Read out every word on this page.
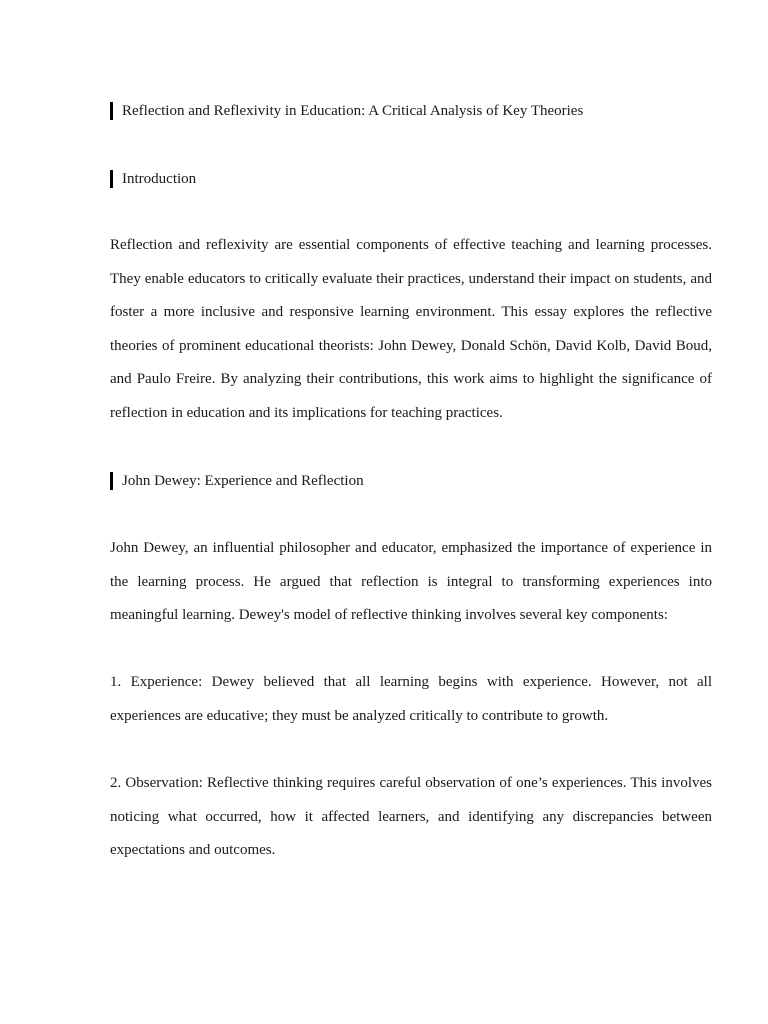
Reflection and Reflexivity in Education: A Critical Analysis of Key Theories
Introduction

Reflection and reflexivity are essential components of effective teaching and learning processes. They enable educators to critically evaluate their practices, understand their impact on students, and foster a more inclusive and responsive learning environment. This essay explores the reflective theories of prominent educational theorists: John Dewey, Donald Schön, David Kolb, David Boud, and Paulo Freire. By analyzing their contributions, this work aims to highlight the significance of reflection in education and its implications for teaching practices.

John Dewey: Experience and Reflection

John Dewey, an influential philosopher and educator, emphasized the importance of experience in the learning process. He argued that reflection is integral to transforming experiences into meaningful learning. Dewey's model of reflective thinking involves several key components:

1. Experience: Dewey believed that all learning begins with experience. However, not all experiences are educative; they must be analyzed critically to contribute to growth.

2. Observation: Reflective thinking requires careful observation of one’s experiences. This involves noticing what occurred, how it affected learners, and identifying any discrepancies between expectations and outcomes.
